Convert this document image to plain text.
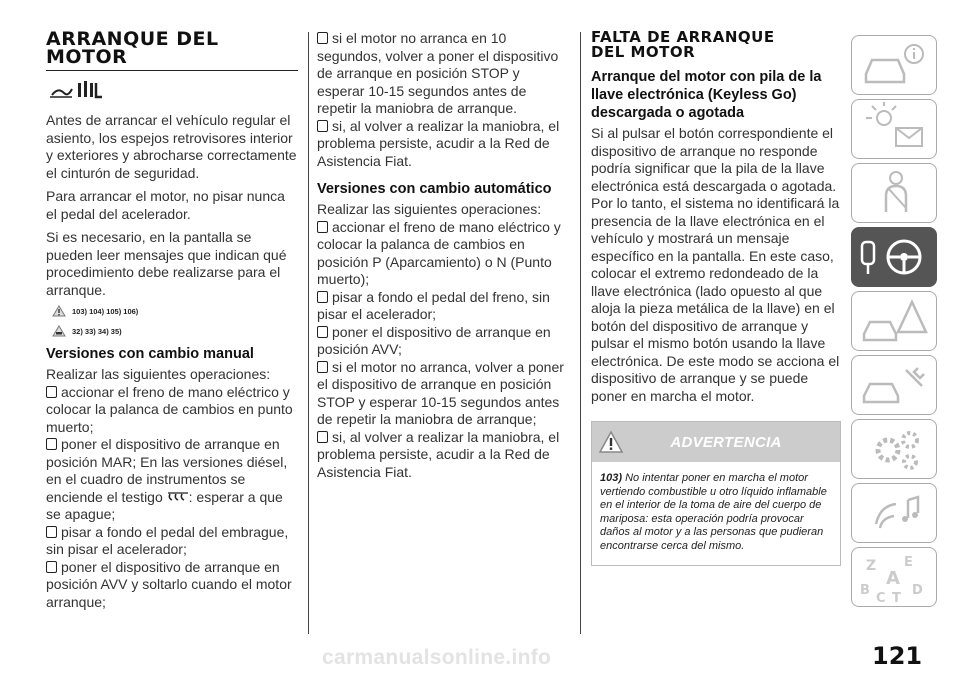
ARRANQUE DEL
MOTOR

Antes de arrancar el vehículo regular el asiento, los espejos retrovisores interior y exteriores y abrocharse correctamente el cinturón de seguridad.

Para arrancar el motor, no pisar nunca el pedal del acelerador.

Si es necesario, en la pantalla se pueden leer mensajes que indican qué procedimiento debe realizarse para el arranque.

103) 104) 105) 106)
32) 33) 34) 35)
Versiones con cambio manual

Realizar las siguientes operaciones:

accionar el freno de mano eléctrico y colocar la palanca de cambios en punto muerto;

poner el dispositivo de arranque en posición MAR; En las versiones diésel, en el cuadro de instrumentos se enciende el testigo : esperar a que se apague;

pisar a fondo el pedal del embrague, sin pisar el acelerador;

poner el dispositivo de arranque en posición AVV y soltarlo cuando el motor arranque;

si el motor no arranca en 10 segundos, volver a poner el dispositivo de arranque en posición STOP y esperar 10-15 segundos antes de repetir la maniobra de arranque.

si, al volver a realizar la maniobra, el problema persiste, acudir a la Red de Asistencia Fiat.

Versiones con cambio automático

Realizar las siguientes operaciones:

accionar el freno de mano eléctrico y colocar la palanca de cambios en posición P (Aparcamiento) o N (Punto muerto);

pisar a fondo el pedal del freno, sin pisar el acelerador;

poner el dispositivo de arranque en posición AVV;

si el motor no arranca, volver a poner el dispositivo de arranque en posición STOP y esperar 10-15 segundos antes de repetir la maniobra de arranque;

si, al volver a realizar la maniobra, el problema persiste, acudir a la Red de Asistencia Fiat.

FALTA DE ARRANQUE
DEL MOTOR
Arranque del motor con pila de la llave electrónica (Keyless Go) descargada o agotada

Si al pulsar el botón correspondiente el dispositivo de arranque no responde podría significar que la pila de la llave electrónica está descargada o agotada. Por lo tanto, el sistema no identificará la presencia de la llave electrónica en el vehículo y mostrará un mensaje específico en la pantalla. En este caso, colocar el extremo redondeado de la llave electrónica (lado opuesto al que aloja la pieza metálica de la llave) en el botón del dispositivo de arranque y pulsar el mismo botón usando la llave electrónica. De este modo se acciona el dispositivo de arranque y se puede poner en marcha el motor.

ADVERTENCIA
103) No intentar poner en marcha el motor vertiendo combustible u otro líquido inflamable en el interior de la toma de aire del cuerpo de mariposa: esta operación podría provocar daños al motor y a las personas que pudieran encontrarse cerca del mismo.
Z E
A
B
C T
D
121
carmanualsonline.info
